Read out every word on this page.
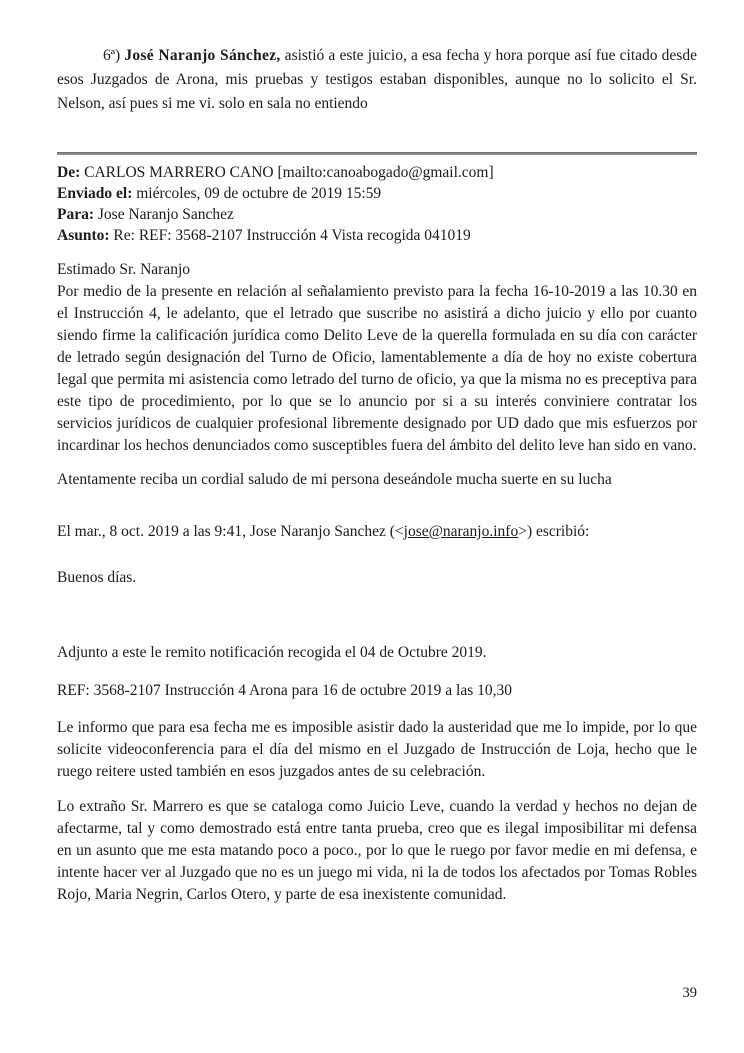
6ª) José Naranjo Sánchez, asistió a este juicio, a esa fecha y hora porque así fue citado desde esos Juzgados de Arona, mis pruebas y testigos estaban disponibles, aunque no lo solicito el Sr. Nelson, así pues si me vi. solo en sala no entiendo

De: CARLOS MARRERO CANO [mailto:canoabogado@gmail.com]
Enviado el: miércoles, 09 de octubre de 2019 15:59
Para: Jose Naranjo Sanchez
Asunto: Re: REF: 3568-2107 Instrucción 4 Vista recogida 041019
Estimado Sr. Naranjo
Por medio de la presente en relación al señalamiento previsto para la fecha 16-10-2019 a las 10.30 en el Instrucción 4, le adelanto, que el letrado que suscribe no asistirá a dicho juicio y ello por cuanto siendo firme la calificación jurídica como Delito Leve de la querella formulada en su día con carácter de letrado según designación del Turno de Oficio, lamentablemente a día de hoy no existe cobertura legal que permita mi asistencia como letrado del turno de oficio, ya que la misma no es preceptiva para este tipo de procedimiento, por lo que se lo anuncio por si a su interés conviniere contratar los servicios jurídicos de cualquier profesional libremente designado por UD dado que mis esfuerzos por incardinar los hechos denunciados como susceptibles fuera del ámbito del delito leve han sido en vano.
Atentamente reciba un cordial saludo de mi persona deseándole mucha suerte en su lucha
El mar., 8 oct. 2019 a las 9:41, Jose Naranjo Sanchez (<jose@naranjo.info>) escribió:
Buenos días.
Adjunto a este le remito notificación recogida el 04 de Octubre 2019.
REF: 3568-2107 Instrucción 4 Arona para 16 de octubre 2019 a las 10,30
Le informo que para esa fecha me es imposible asistir dado la austeridad que me lo impide, por lo que solicite videoconferencia para el día del mismo en el Juzgado de Instrucción de Loja, hecho que le ruego reitere usted también en esos juzgados antes de su celebración.
Lo extraño Sr. Marrero es que se cataloga como Juicio Leve, cuando la verdad y hechos no dejan de afectarme, tal y como demostrado está entre tanta prueba, creo que es ilegal imposibilitar mi defensa en un asunto que me esta matando poco a poco., por lo que le ruego por favor medie en mi defensa, e intente hacer ver al Juzgado que no es un juego mi vida, ni la de todos los afectados por Tomas Robles Rojo, Maria Negrin, Carlos Otero, y parte de esa inexistente comunidad.
39
